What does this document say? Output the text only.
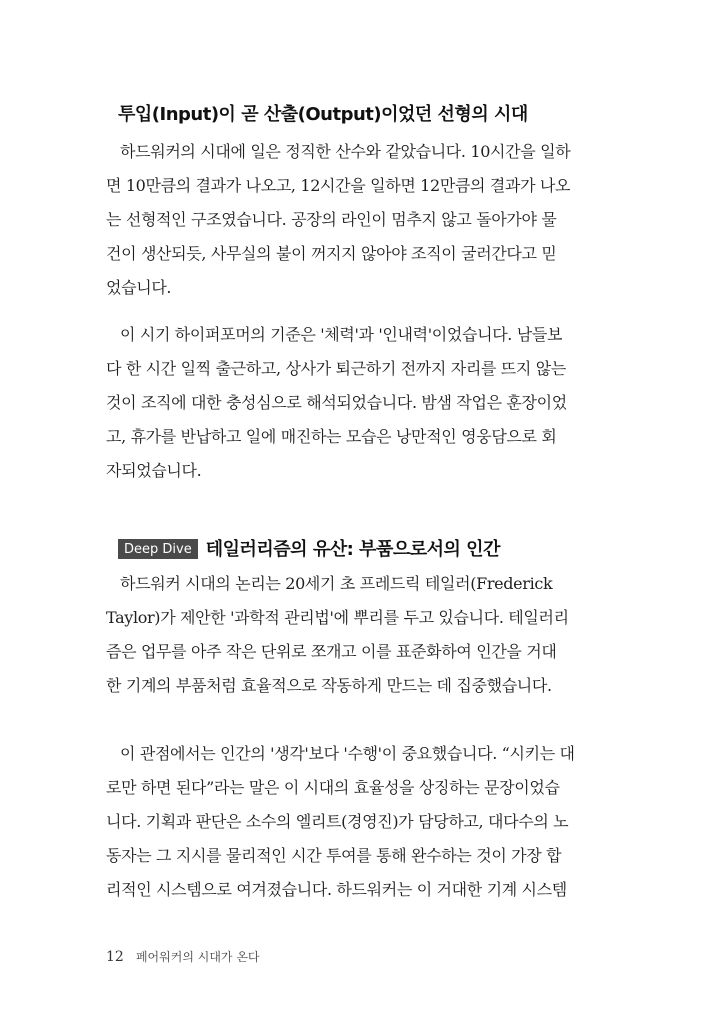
투입(Input)이 곧 산출(Output)이었던 선형의 시대
하드워커의 시대에 일은 정직한 산수와 같았습니다. 10시간을 일하
면 10만큼의 결과가 나오고, 12시간을 일하면 12만큼의 결과가 나오
는 선형적인 구조였습니다. 공장의 라인이 멈추지 않고 돌아가야 물
건이 생산되듯, 사무실의 불이 꺼지지 않아야 조직이 굴러간다고 믿
었습니다.
이 시기 하이퍼포머의 기준은 '체력'과 '인내력'이었습니다. 남들보
다 한 시간 일찍 출근하고, 상사가 퇴근하기 전까지 자리를 뜨지 않는
것이 조직에 대한 충성심으로 해석되었습니다. 밤샘 작업은 훈장이었
고, 휴가를 반납하고 일에 매진하는 모습은 낭만적인 영웅담으로 회
자되었습니다.
Deep Dive 테일러리즘의 유산: 부품으로서의 인간
하드워커 시대의 논리는 20세기 초 프레드릭 테일러(Frederick
Taylor)가 제안한 '과학적 관리법'에 뿌리를 두고 있습니다. 테일러리
즘은 업무를 아주 작은 단위로 쪼개고 이를 표준화하여 인간을 거대
한 기계의 부품처럼 효율적으로 작동하게 만드는 데 집중했습니다.
이 관점에서는 인간의 '생각'보다 '수행'이 중요했습니다. “시키는 대
로만 하면 된다”라는 말은 이 시대의 효율성을 상징하는 문장이었습
니다. 기획과 판단은 소수의 엘리트(경영진)가 담당하고, 대다수의 노
동자는 그 지시를 물리적인 시간 투여를 통해 완수하는 것이 가장 합
리적인 시스템으로 여겨졌습니다. 하드워커는 이 거대한 기계 시스템
12 페어워커의 시대가 온다
